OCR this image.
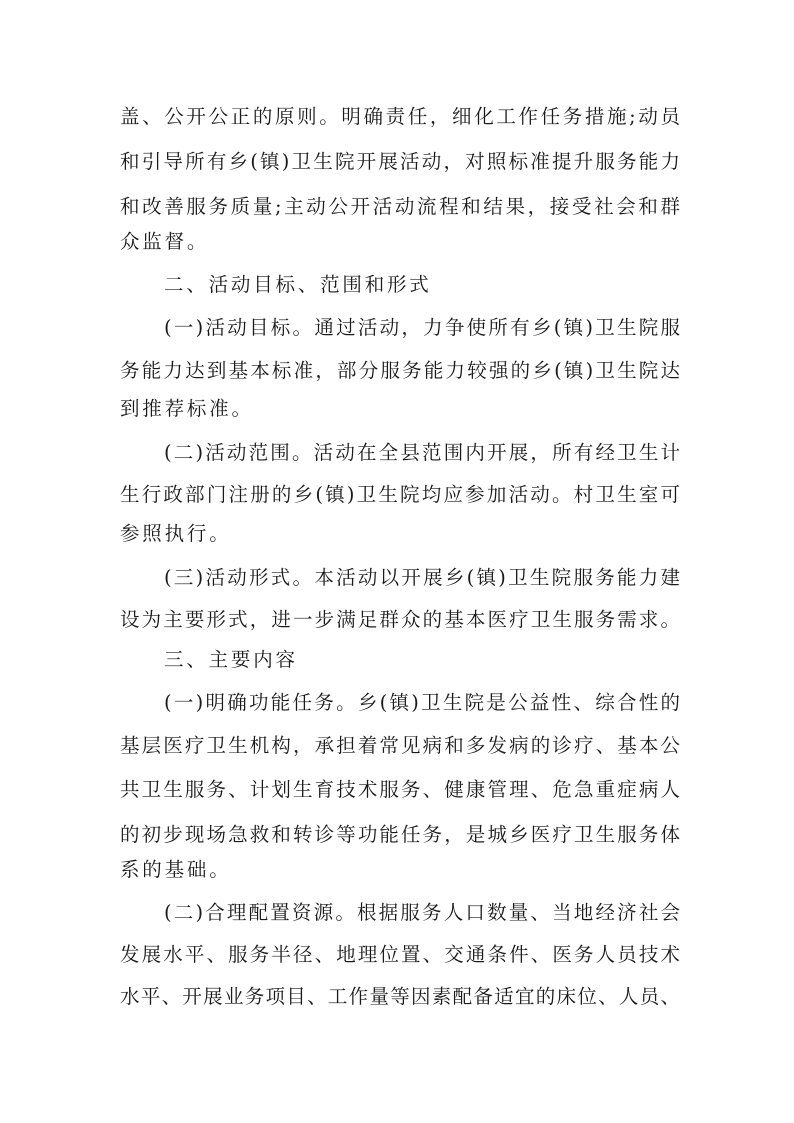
盖、公开公正的原则。明确责任，细化工作任务措施;动员
和引导所有乡(镇)卫生院开展活动，对照标准提升服务能力
和改善服务质量;主动公开活动流程和结果，接受社会和群
众监督。
二、活动目标、范围和形式
(一)活动目标。通过活动，力争使所有乡(镇)卫生院服
务能力达到基本标准，部分服务能力较强的乡(镇)卫生院达
到推荐标准。
(二)活动范围。活动在全县范围内开展，所有经卫生计
生行政部门注册的乡(镇)卫生院均应参加活动。村卫生室可
参照执行。
(三)活动形式。本活动以开展乡(镇)卫生院服务能力建
设为主要形式，进一步满足群众的基本医疗卫生服务需求。
三、主要内容
(一)明确功能任务。乡(镇)卫生院是公益性、综合性的
基层医疗卫生机构，承担着常见病和多发病的诊疗、基本公
共卫生服务、计划生育技术服务、健康管理、危急重症病人
的初步现场急救和转诊等功能任务，是城乡医疗卫生服务体
系的基础。
(二)合理配置资源。根据服务人口数量、当地经济社会
发展水平、服务半径、地理位置、交通条件、医务人员技术
水平、开展业务项目、工作量等因素配备适宜的床位、人员、
